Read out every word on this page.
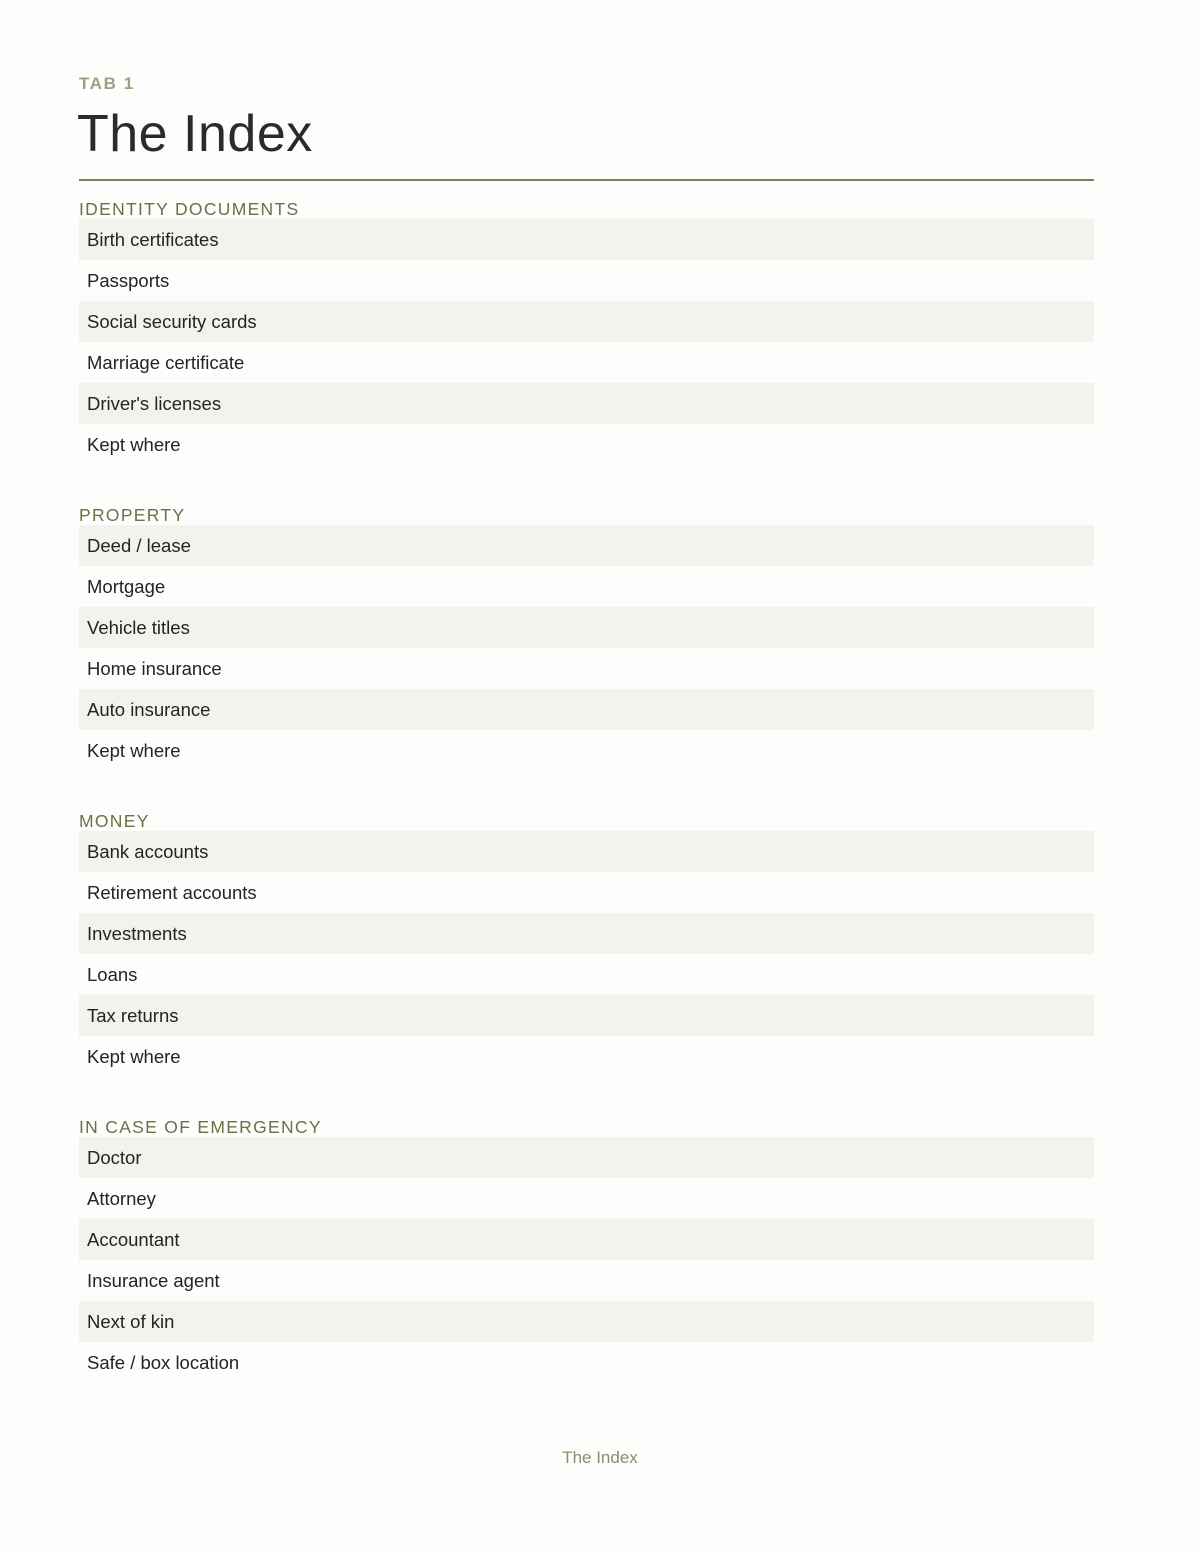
TAB 1
The Index
IDENTITY DOCUMENTS
Birth certificates
Passports
Social security cards
Marriage certificate
Driver's licenses
Kept where
PROPERTY
Deed / lease
Mortgage
Vehicle titles
Home insurance
Auto insurance
Kept where
MONEY
Bank accounts
Retirement accounts
Investments
Loans
Tax returns
Kept where
IN CASE OF EMERGENCY
Doctor
Attorney
Accountant
Insurance agent
Next of kin
Safe / box location
The Index
